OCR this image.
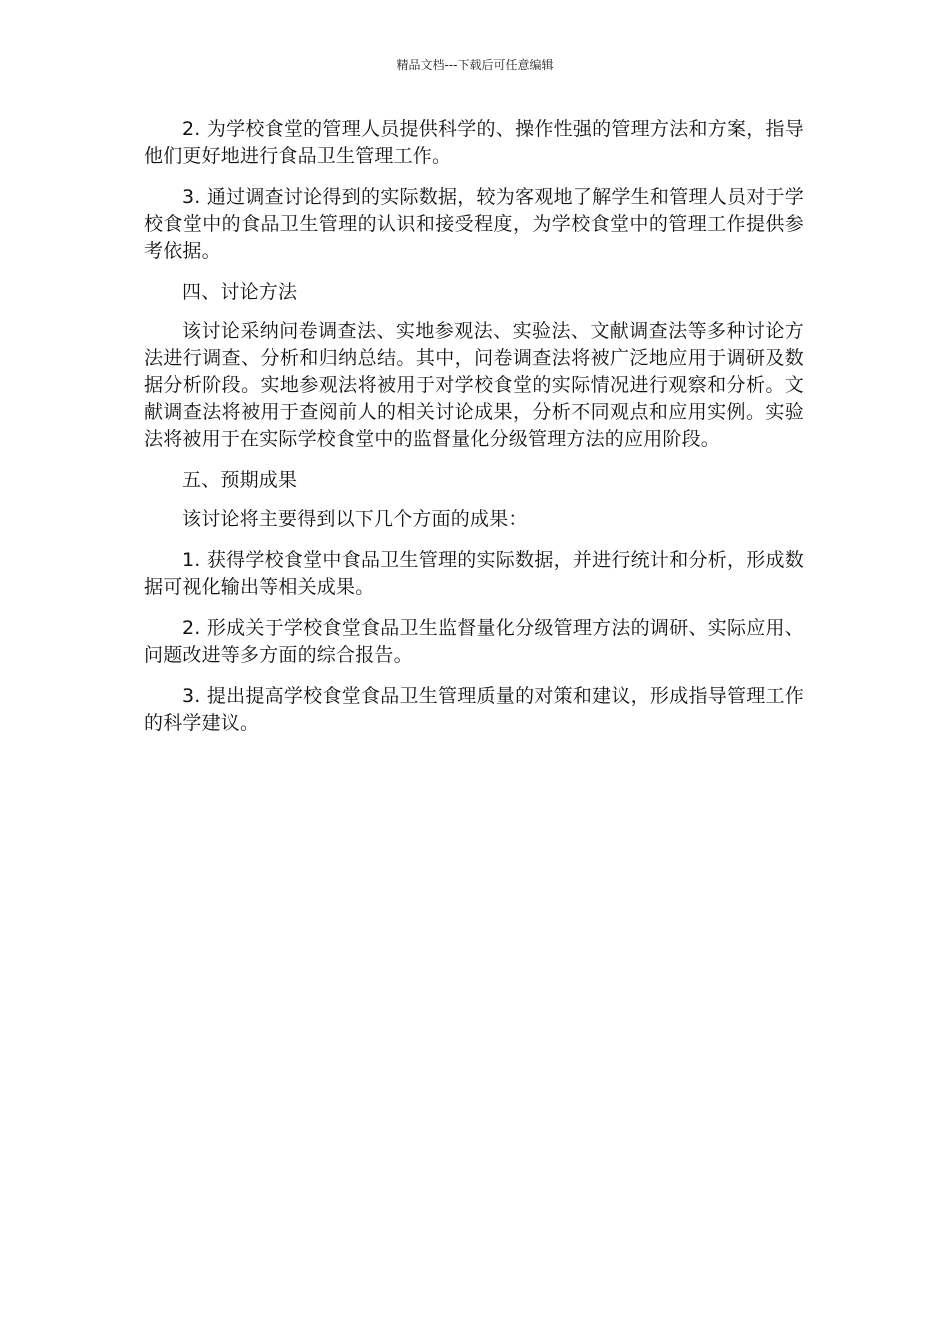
精品文档---下载后可任意编辑

2. 为学校食堂的管理人员提供科学的、操作性强的管理方法和方案，指导他们更好地进行食品卫生管理工作。

3. 通过调查讨论得到的实际数据，较为客观地了解学生和管理人员对于学校食堂中的食品卫生管理的认识和接受程度，为学校食堂中的管理工作提供参考依据。

四、讨论方法

该讨论采纳问卷调查法、实地参观法、实验法、文献调查法等多种讨论方法进行调查、分析和归纳总结。其中，问卷调查法将被广泛地应用于调研及数据分析阶段。实地参观法将被用于对学校食堂的实际情况进行观察和分析。文献调查法将被用于查阅前人的相关讨论成果，分析不同观点和应用实例。实验法将被用于在实际学校食堂中的监督量化分级管理方法的应用阶段。

五、预期成果

该讨论将主要得到以下几个方面的成果：

1. 获得学校食堂中食品卫生管理的实际数据，并进行统计和分析，形成数据可视化输出等相关成果。

2. 形成关于学校食堂食品卫生监督量化分级管理方法的调研、实际应用、问题改进等多方面的综合报告。

3. 提出提高学校食堂食品卫生管理质量的对策和建议，形成指导管理工作的科学建议。
